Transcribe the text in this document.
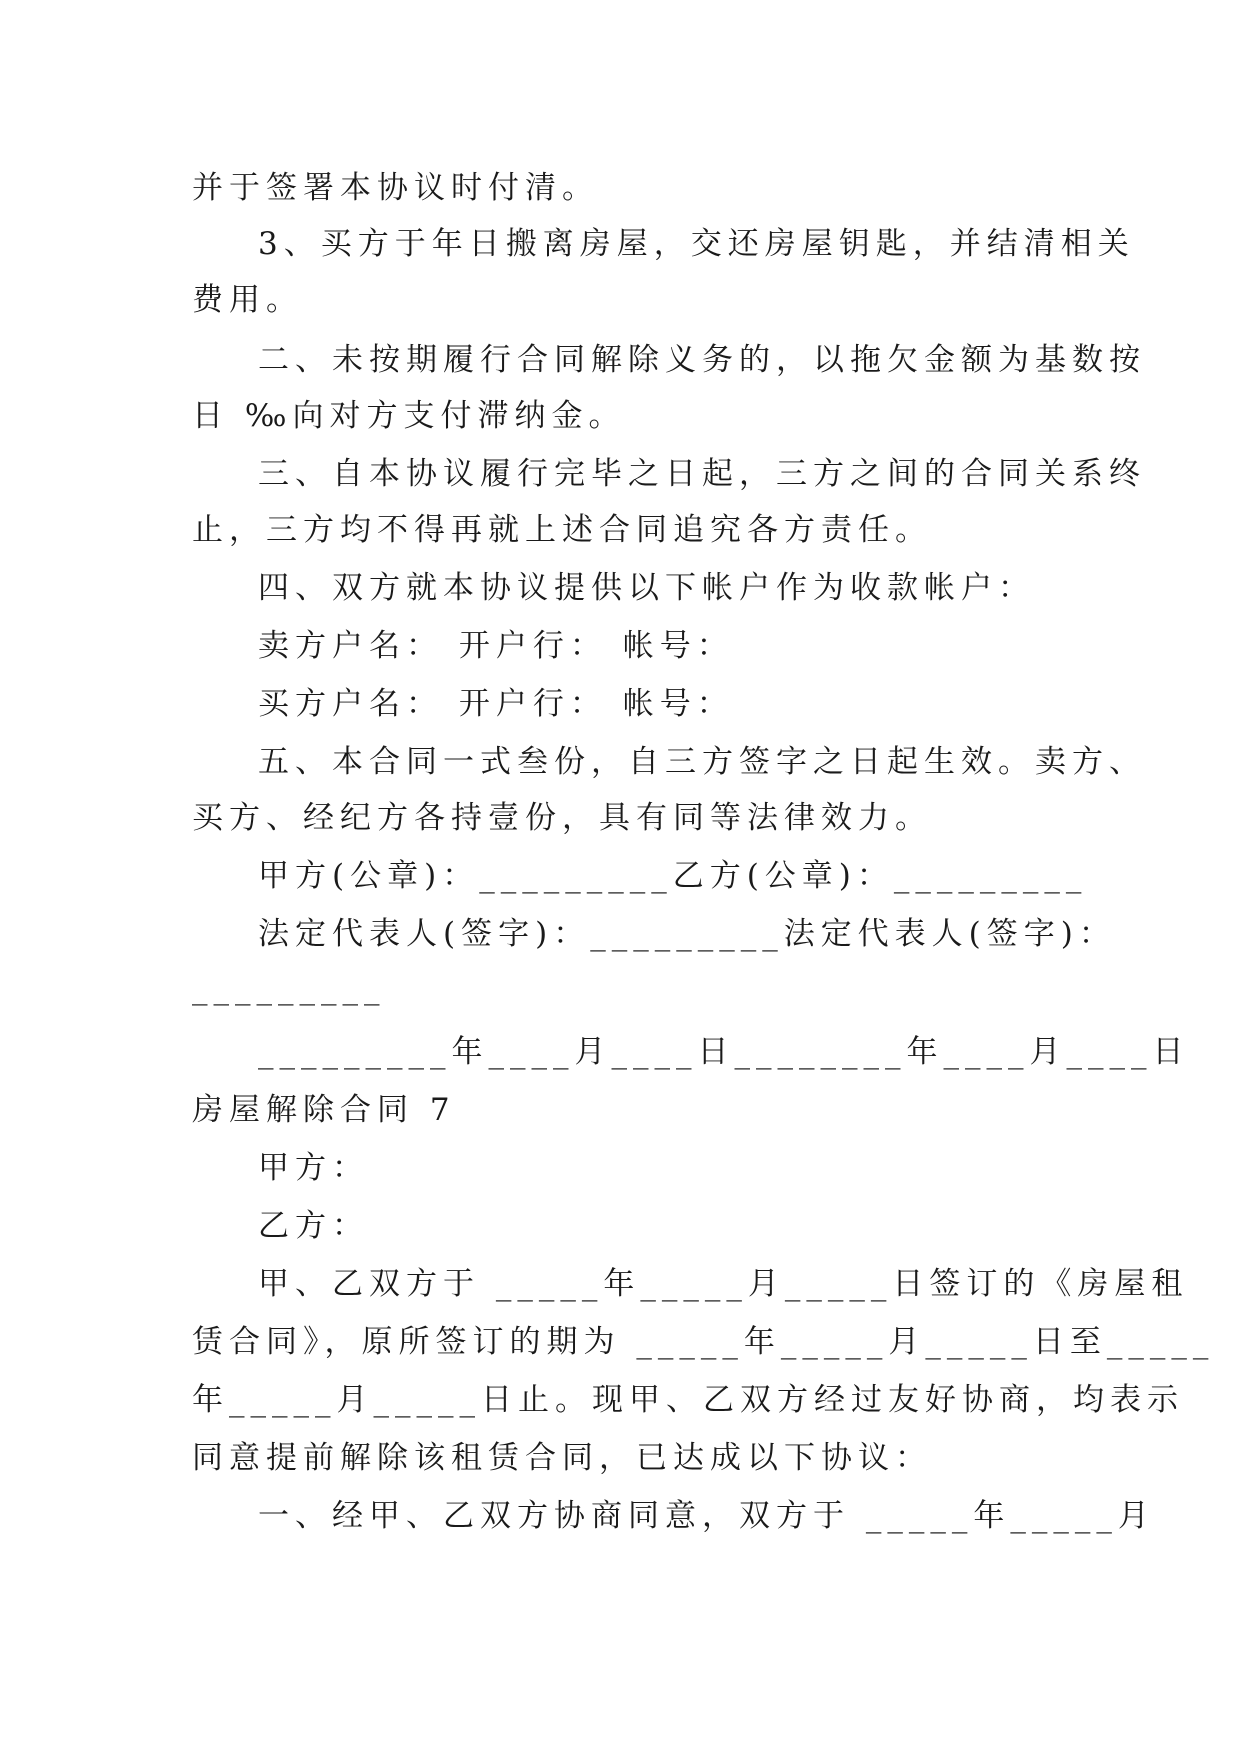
并于签署本协议时付清。
3、买方于年日搬离房屋，交还房屋钥匙，并结清相关
费用。
二、未按期履行合同解除义务的，以拖欠金额为基数按
日 ‰向对方支付滞纳金。
三、自本协议履行完毕之日起，三方之间的合同关系终
止，三方均不得再就上述合同追究各方责任。
四、双方就本协议提供以下帐户作为收款帐户：
卖方户名： 开户行： 帐号：
买方户名： 开户行： 帐号：
五、本合同一式叁份，自三方签字之日起生效。卖方、
买方、经纪方各持壹份，具有同等法律效力。
甲方(公章)：_________乙方(公章)：_________
法定代表人(签字)：_________法定代表人(签字)：
_________
_________年____月____日________年____月____日
房屋解除合同 7
甲方：
乙方：
甲、乙双方于 _____年_____月_____日签订的《房屋租
赁合同》，原所签订的期为 _____年_____月_____日至_____
年_____月_____日止。现甲、乙双方经过友好协商，均表示
同意提前解除该租赁合同，已达成以下协议：
一、经甲、乙双方协商同意，双方于 _____年_____月
